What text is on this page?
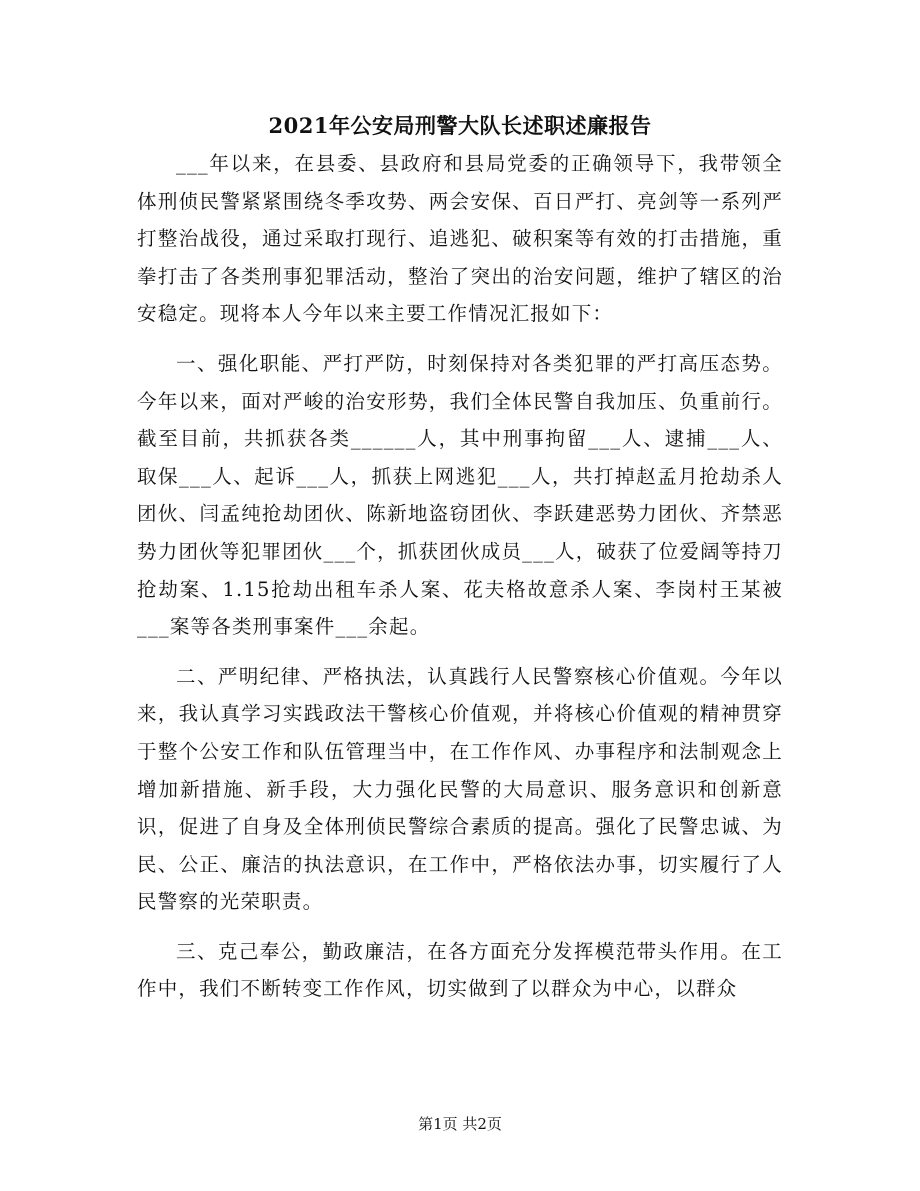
2021年公安局刑警大队长述职述廉报告

___年以来，在县委、县政府和县局党委的正确领导下，我带领全体刑侦民警紧紧围绕冬季攻势、两会安保、百日严打、亮剑等一系列严打整治战役，通过采取打现行、追逃犯、破积案等有效的打击措施，重拳打击了各类刑事犯罪活动，整治了突出的治安问题，维护了辖区的治安稳定。现将本人今年以来主要工作情况汇报如下：

一、强化职能、严打严防，时刻保持对各类犯罪的严打高压态势。今年以来，面对严峻的治安形势，我们全体民警自我加压、负重前行。截至目前，共抓获各类______人，其中刑事拘留___人、逮捕___人、取保___人、起诉___人，抓获上网逃犯___人，共打掉赵孟月抢劫杀人团伙、闫孟纯抢劫团伙、陈新地盗窃团伙、李跃建恶势力团伙、齐禁恶势力团伙等犯罪团伙___个，抓获团伙成员___人，破获了位爱阔等持刀抢劫案、1.15抢劫出租车杀人案、花夫格故意杀人案、李岗村王某被___案等各类刑事案件___余起。

二、严明纪律、严格执法，认真践行人民警察核心价值观。今年以来，我认真学习实践政法干警核心价值观，并将核心价值观的精神贯穿于整个公安工作和队伍管理当中，在工作作风、办事程序和法制观念上增加新措施、新手段，大力强化民警的大局意识、服务意识和创新意识，促进了自身及全体刑侦民警综合素质的提高。强化了民警忠诚、为民、公正、廉洁的执法意识，在工作中，严格依法办事，切实履行了人民警察的光荣职责。

三、克己奉公，勤政廉洁，在各方面充分发挥模范带头作用。在工作中，我们不断转变工作作风，切实做到了以群众为中心，以群众

第1页 共2页
